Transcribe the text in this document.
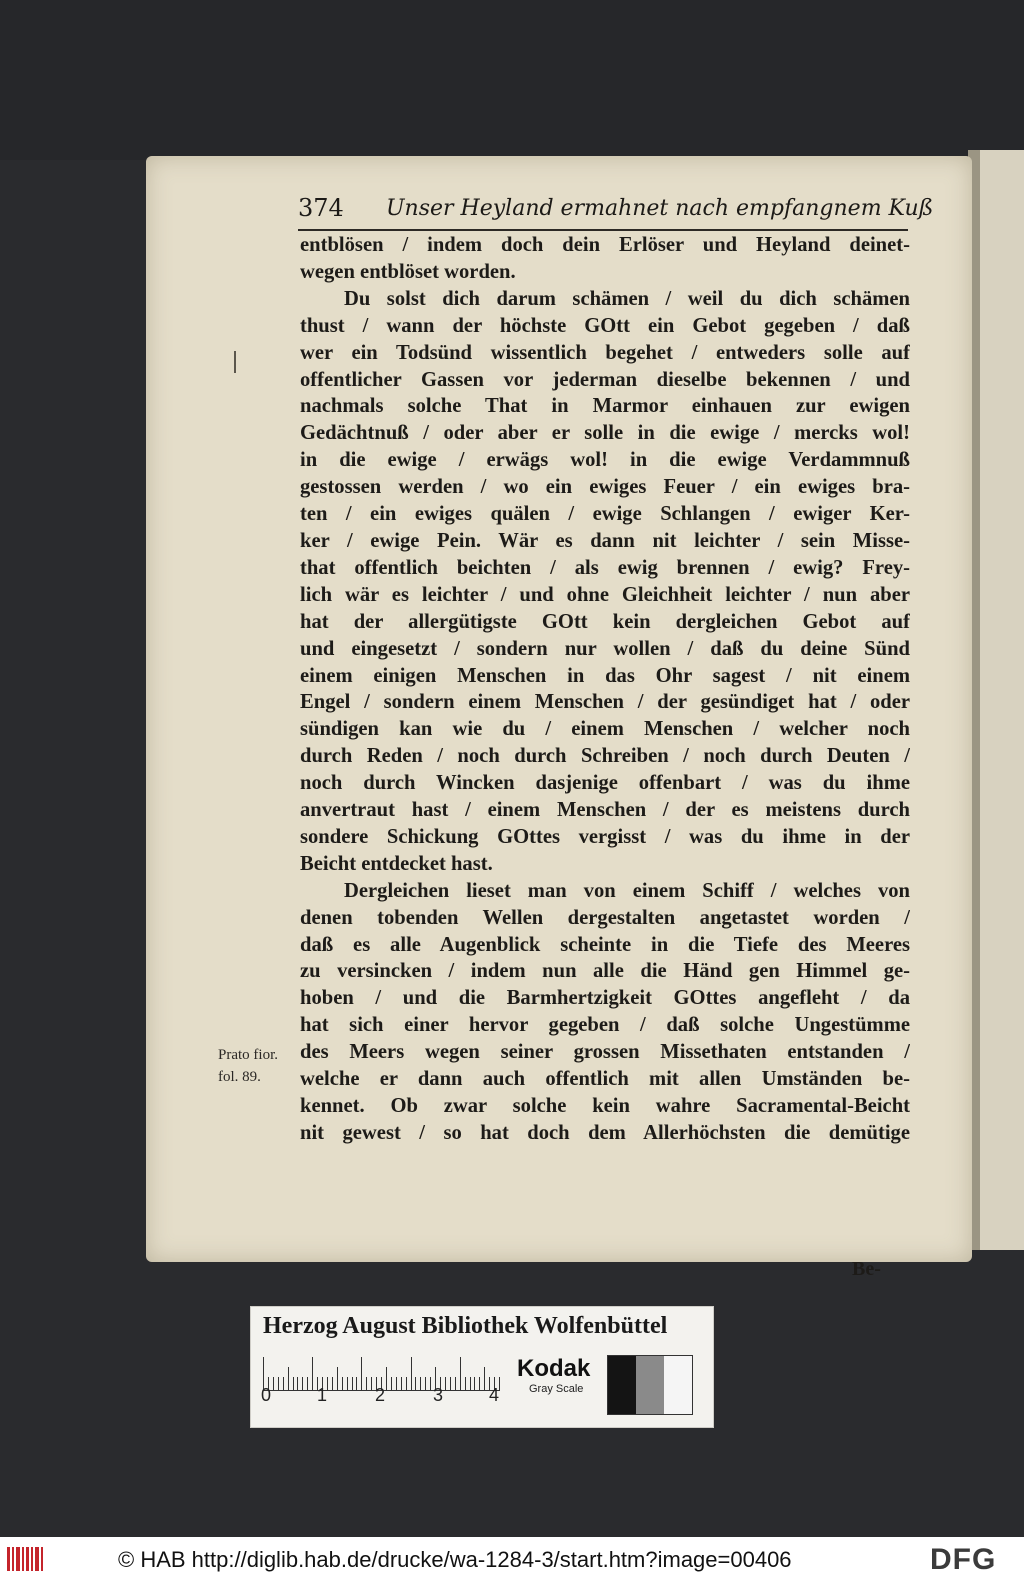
374 Unser Heyland ermahnet nach empfangnem Kuß
entblösen / indem doch dein Erlöser und Heyland deinet-
wegen entblöset worden.
Du solst dich darum schämen / weil du dich schämen
thust / wann der höchste GOtt ein Gebot gegeben / daß
wer ein Todsünd wissentlich begehet / entweders solle auf
offentlicher Gassen vor jederman dieselbe bekennen / und
nachmals solche That in Marmor einhauen zur ewigen
Gedächtnuß / oder aber er solle in die ewige / mercks wol!
in die ewige / erwägs wol! in die ewige Verdammnuß
gestossen werden / wo ein ewiges Feuer / ein ewiges bra-
ten / ein ewiges quälen / ewige Schlangen / ewiger Ker-
ker / ewige Pein. Wär es dann nit leichter / sein Misse-
that offentlich beichten / als ewig brennen / ewig? Frey-
lich wär es leichter / und ohne Gleichheit leichter / nun aber
hat der allergütigste GOtt kein dergleichen Gebot auf
und eingesetzt / sondern nur wollen / daß du deine Sünd
einem einigen Menschen in das Ohr sagest / nit einem
Engel / sondern einem Menschen / der gesündiget hat / oder
sündigen kan wie du / einem Menschen / welcher noch
durch Reden / noch durch Schreiben / noch durch Deuten /
noch durch Wincken dasjenige offenbart / was du ihme
anvertraut hast / einem Menschen / der es meistens durch
sondere Schickung GOttes vergisst / was du ihme in der
Beicht entdecket hast.
Dergleichen lieset man von einem Schiff / welches von
denen tobenden Wellen dergestalten angetastet worden /
daß es alle Augenblick scheinte in die Tiefe des Meeres
zu versincken / indem nun alle die Händ gen Himmel ge-
hoben / und die Barmhertzigkeit GOttes angefleht / da
hat sich einer hervor gegeben / daß solche Ungestümme
des Meers wegen seiner grossen Missethaten entstanden /
welche er dann auch offentlich mit allen Umständen be-
kennet. Ob zwar solche kein wahre Sacramental-Beicht
nit gewest / so hat doch dem Allerhöchsten die demütige
Be-
Prato fior.
fol. 89.
Herzog August Bibliothek Wolfenbüttel
0	1	2	3	4
Kodak
Gray Scale
© HAB http://diglib.hab.de/drucke/wa-1284-3/start.htm?image=00406	DFG
